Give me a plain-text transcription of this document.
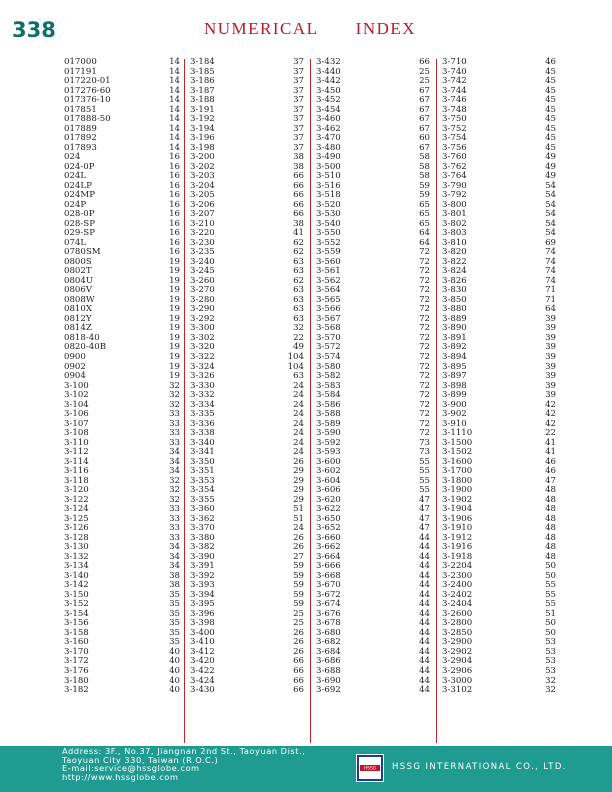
338	NUMERICAL INDEX
017000	14
017191	14
017220-01	14
017276-60	14
017376-10	14
017851	14
017888-50	14
017889	14
017892	14
017893	14
024	16
024-0P	16
024L	16
024LP	16
024MP	16
024P	16
028-0P	16
028-SP	16
029-SP	16
074L	16
0780SM	16
0800S	19
0802T	19
0804U	19
0806V	19
0808W	19
0810X	19
0812Y	19
0814Z	19
0818-40	19
0820-40B	19
0900	19
0902	19
0904	19
3-100	32
3-102	32
3-104	32
3-106	33
3-107	33
3-108	33
3-110	33
3-112	34
3-114	34
3-116	34
3-118	32
3-120	32
3-122	32
3-124	33
3-125	33
3-126	33
3-128	33
3-130	34
3-132	34
3-134	34
3-140	38
3-142	38
3-150	35
3-152	35
3-154	35
3-156	35
3-158	35
3-160	35
3-170	40
3-172	40
3-176	40
3-180	40
3-182	40
3-184	37
3-185	37
3-186	37
3-187	37
3-188	37
3-191	37
3-192	37
3-194	37
3-196	37
3-198	37
3-200	38
3-202	38
3-203	66
3-204	66
3-205	66
3-206	66
3-207	66
3-210	38
3-220	41
3-230	62
3-235	62
3-240	63
3-245	63
3-260	62
3-270	63
3-280	63
3-290	63
3-292	63
3-300	32
3-302	22
3-320	49
3-322	104
3-324	104
3-326	63
3-330	24
3-332	24
3-334	24
3-335	24
3-336	24
3-338	24
3-340	24
3-341	24
3-350	26
3-351	29
3-353	29
3-354	29
3-355	29
3-360	51
3-362	51
3-370	24
3-380	26
3-382	26
3-390	27
3-391	59
3-392	59
3-393	59
3-394	59
3-395	59
3-396	25
3-398	25
3-400	26
3-410	26
3-412	26
3-420	66
3-422	66
3-424	66
3-430	66
3-432	66
3-440	25
3-442	25
3-450	67
3-452	67
3-454	67
3-460	67
3-462	67
3-470	60
3-480	67
3-490	58
3-500	58
3-510	58
3-516	59
3-518	59
3-520	65
3-530	65
3-540	65
3-550	64
3-552	64
3-559	72
3-560	72
3-561	72
3-562	72
3-564	72
3-565	72
3-566	72
3-567	72
3-568	72
3-570	72
3-572	72
3-574	72
3-580	72
3-582	72
3-583	72
3-584	72
3-586	72
3-588	72
3-589	72
3-590	72
3-592	73
3-593	73
3-600	55
3-602	55
3-604	55
3-606	55
3-620	47
3-622	47
3-650	47
3-652	47
3-660	44
3-662	44
3-664	44
3-666	44
3-668	44
3-670	44
3-672	44
3-674	44
3-676	44
3-678	44
3-680	44
3-682	44
3-684	44
3-686	44
3-688	44
3-690	44
3-692	44
3-710	46
3-740	45
3-742	45
3-744	45
3-746	45
3-748	45
3-750	45
3-752	45
3-754	45
3-756	45
3-760	49
3-762	49
3-764	49
3-790	54
3-792	54
3-800	54
3-801	54
3-802	54
3-803	54
3-810	69
3-820	74
3-822	74
3-824	74
3-826	74
3-830	71
3-850	71
3-880	64
3-889	39
3-890	39
3-891	39
3-892	39
3-894	39
3-895	39
3-897	39
3-898	39
3-899	39
3-900	42
3-902	42
3-910	42
3-1110	22
3-1500	41
3-1502	41
3-1600	46
3-1700	46
3-1800	47
3-1900	48
3-1902	48
3-1904	48
3-1906	48
3-1910	48
3-1912	48
3-1916	48
3-1918	48
3-2204	50
3-2300	50
3-2400	55
3-2402	55
3-2404	55
3-2600	51
3-2800	50
3-2850	50
3-2900	53
3-2902	53
3-2904	53
3-2906	53
3-3000	32
3-3102	32
Address: 3F., No.37, Jiangnan 2nd St., Taoyuan Dist.,
Taoyuan City 330, Taiwan (R.O.C.)
E-mail:service@hssglobe.com
http://www.hssglobe.com
HSSG HSSG INTERNATIONAL CO., LTD.
